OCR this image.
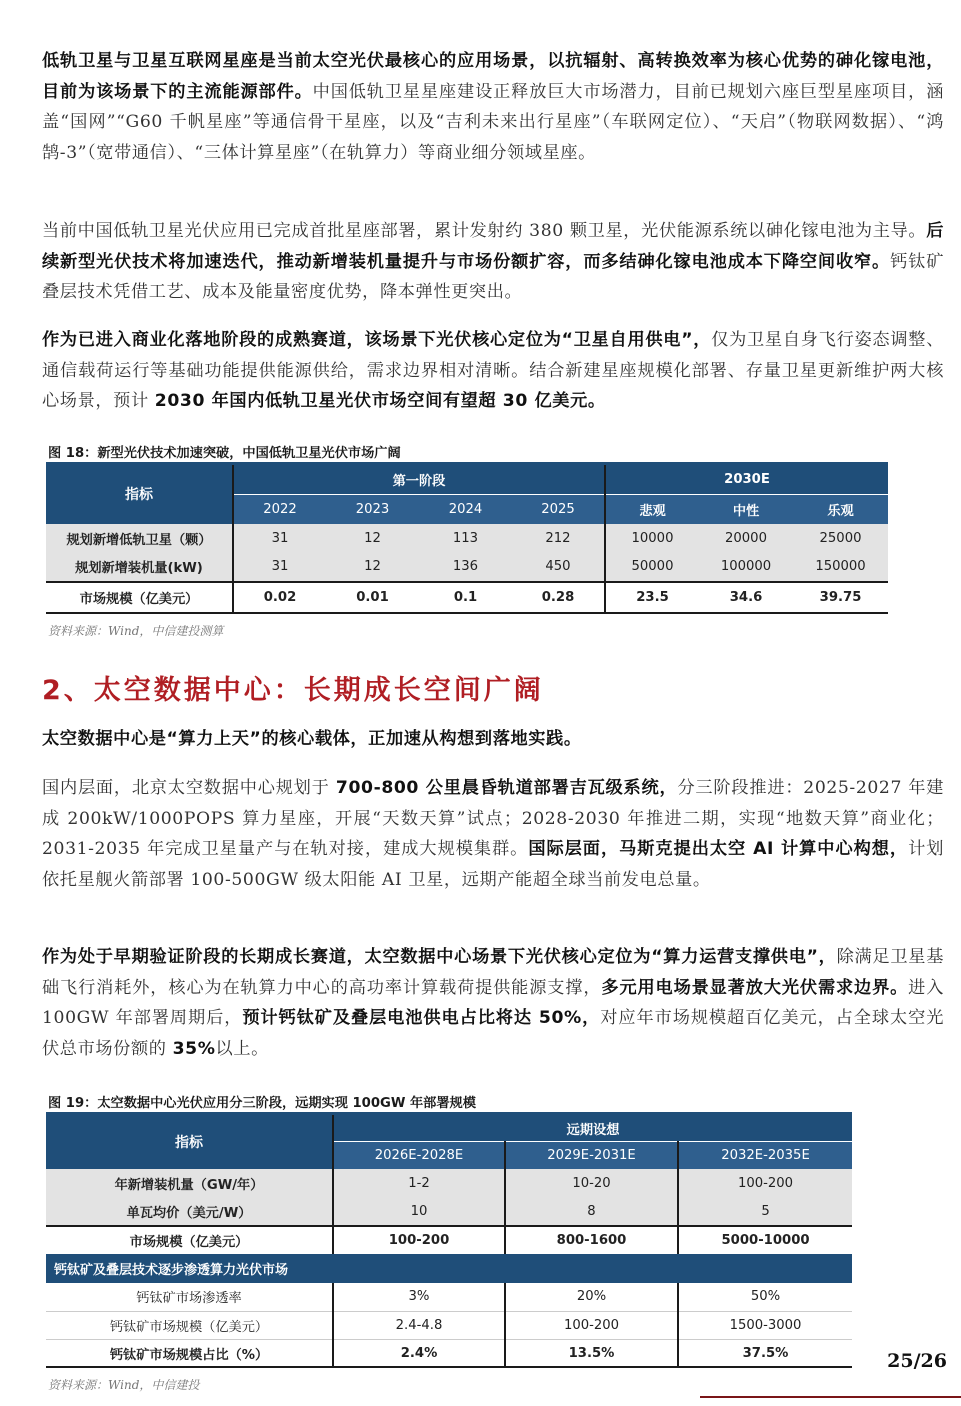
低轨卫星与卫星互联网星座是当前太空光伏最核心的应用场景，以抗辐射、高转换效率为核心优势的砷化镓电池，目前为该场景下的主流能源部件。中国低轨卫星星座建设正释放巨大市场潜力，目前已规划六座巨型星座项目，涵盖“国网”“G60 千帆星座”等通信骨干星座，以及“吉利未来出行星座”（车联网定位）、“天启”（物联网数据）、“鸿鹄-3”（宽带通信）、“三体计算星座”（在轨算力）等商业细分领域星座。

当前中国低轨卫星光伏应用已完成首批星座部署，累计发射约 380 颗卫星，光伏能源系统以砷化镓电池为主导。后续新型光伏技术将加速迭代，推动新增装机量提升与市场份额扩容，而多结砷化镓电池成本下降空间收窄。钙钛矿叠层技术凭借工艺、成本及能量密度优势，降本弹性更突出。

作为已进入商业化落地阶段的成熟赛道，该场景下光伏核心定位为“卫星自用供电”，仅为卫星自身飞行姿态调整、通信载荷运行等基础功能提供能源供给，需求边界相对清晰。结合新建星座规模化部署、存量卫星更新维护两大核心场景，预计 2030 年国内低轨卫星光伏市场空间有望超 30 亿美元。

图 18：新型光伏技术加速突破，中国低轨卫星光伏市场广阔

指标	第一阶段				2030E		
	2022	2023	2024	2025	悲观	中性	乐观
规划新增低轨卫星（颗）	31	12	113	212	10000	20000	25000
规划新增装机量(kW)	31	12	136	450	50000	100000	150000
市场规模（亿美元）	0.02	0.01	0.1	0.28	23.5	34.6	39.75

资料来源：Wind，中信建投测算

2、太空数据中心：长期成长空间广阔

太空数据中心是“算力上天”的核心载体，正加速从构想到落地实践。

国内层面，北京太空数据中心规划于 700-800 公里晨昏轨道部署吉瓦级系统，分三阶段推进：2025-2027 年建成 200kW/1000POPS 算力星座，开展“天数天算”试点；2028-2030 年推进二期，实现“地数天算”商业化；2031-2035 年完成卫星量产与在轨对接，建成大规模集群。国际层面，马斯克提出太空 AI 计算中心构想，计划依托星舰火箭部署 100-500GW 级太阳能 AI 卫星，远期产能超全球当前发电总量。

作为处于早期验证阶段的长期成长赛道，太空数据中心场景下光伏核心定位为“算力运营支撑供电”，除满足卫星基础飞行消耗外，核心为在轨算力中心的高功率计算载荷提供能源支撑，多元用电场景显著放大光伏需求边界。进入 100GW 年部署周期后，预计钙钛矿及叠层电池供电占比将达 50%，对应年市场规模超百亿美元，占全球太空光伏总市场份额的 35%以上。

图 19：太空数据中心光伏应用分三阶段，远期实现 100GW 年部署规模

指标	远期设想		
	2026E-2028E	2029E-2031E	2032E-2035E
年新增装机量（GW/年）	1-2	10-20	100-200
单瓦均价（美元/W）	10	8	5
市场规模（亿美元）	100-200	800-1600	5000-10000
钙钛矿及叠层技术逐步渗透算力光伏市场			
钙钛矿市场渗透率	3%	20%	50%
钙钛矿市场规模（亿美元）	2.4-4.8	100-200	1500-3000
钙钛矿市场规模占比（%）	2.4%	13.5%	37.5%

资料来源：Wind，中信建投

25/26
